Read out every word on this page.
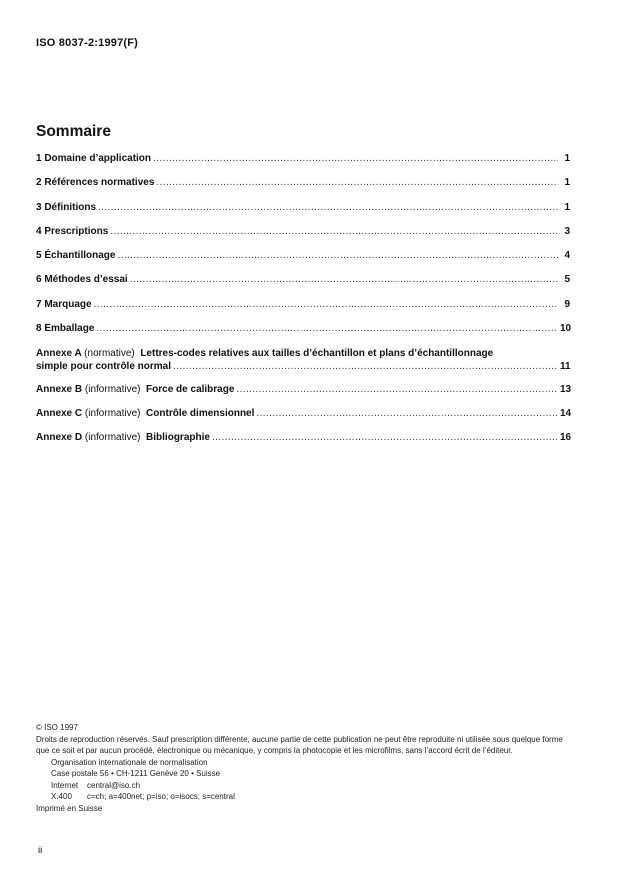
ISO 8037-2:1997(F)
Sommaire
1 Domaine d’application .....	1
2 Références normatives .....	1
3 Définitions .....	1
4 Prescriptions .....	3
5 Échantillonage .....	4
6 Méthodes d’essai .....	5
7 Marquage .....	9
8 Emballage .....	10
Annexe A (normative) Lettres-codes relatives aux tailles d’échantillon et plans d’échantillonnage
simple pour contrôle normal .....	11
Annexe B (informative) Force de calibrage .....	13
Annexe C (informative) Contrôle dimensionnel .....	14
Annexe D (informative) Bibliographie .....	16
© ISO 1997
Droits de reproduction réservés. Sauf prescription différente, aucune partie de cette publication ne peut être reproduite ni utilisée sous quelque forme que ce soit et par aucun procédé, électronique ou mécanique, y compris la photocopie et les microfilms, sans l’accord écrit de l’éditeur.
Organisation internationale de normalisation
Case postale 56 • CH-1211 Genève 20 • Suisse
Internet	central@iso.ch
X.400	c=ch; a=400net; p=iso; o=isocs; s=central
Imprimé en Suisse
ii
